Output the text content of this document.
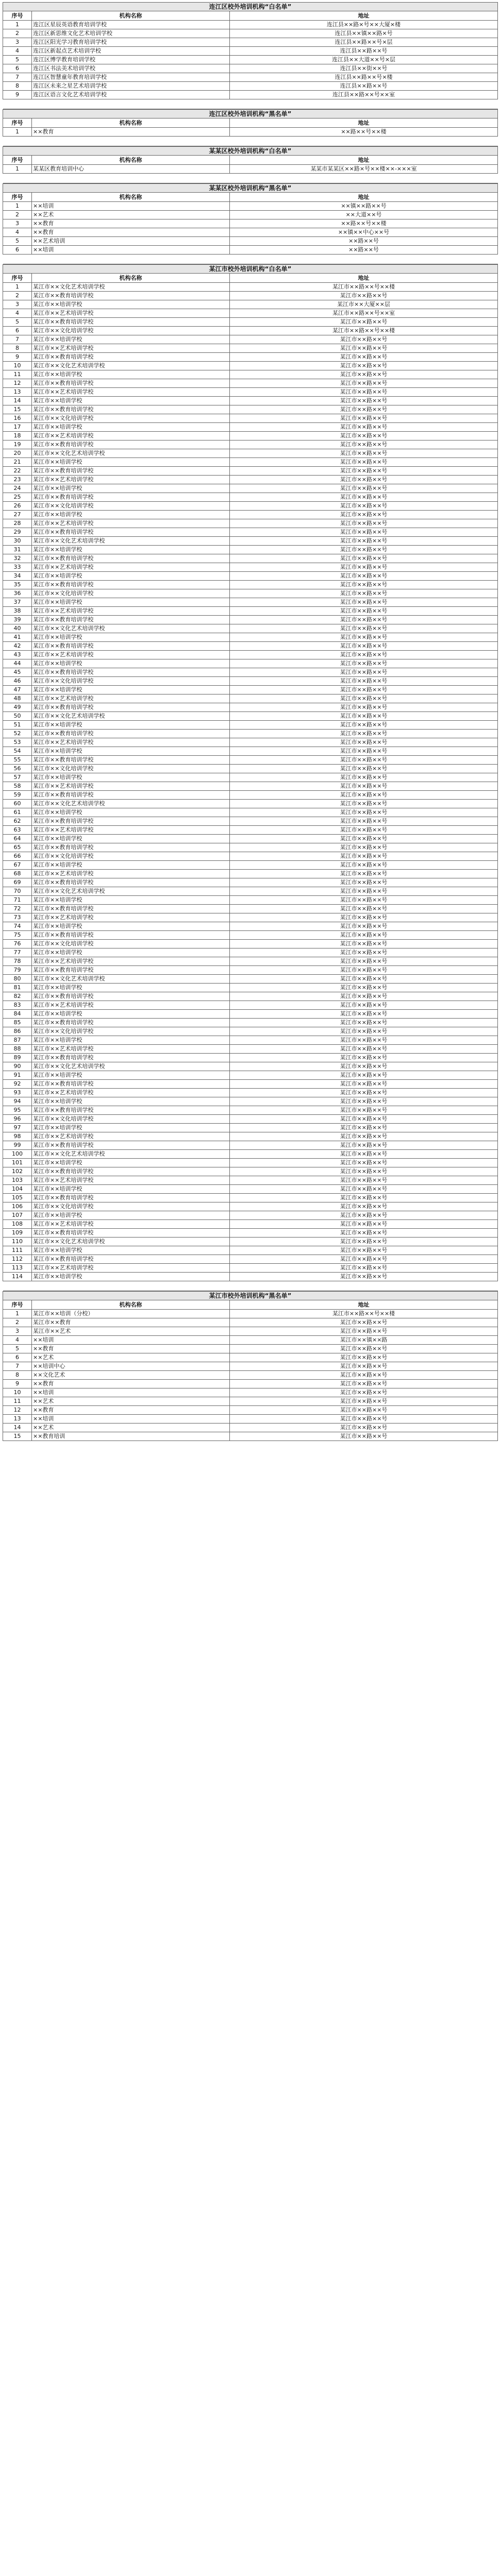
连江区校外培训机构“白名单”		
序号	机构名称	地址
1	连江区星辰英语教育培训学校	连江县××路×号××大厦×楼
2	连江区新思维文化艺术培训学校	连江县××镇××路×号
3	连江区阳光学习教育培训学校	连江县××路××号×层
4	连江区新起点艺术培训学校	连江县××路××号
5	连江区博学教育培训学校	连江县××大道××号×层
6	连江区书法美术培训学校	连江县××街××号
7	连江区智慧童年教育培训学校	连江县××路××号×楼
8	连江区未来之星艺术培训学校	连江县××路××号
9	连江区语言文化艺术培训学校	连江县××路××号××室

连江区校外培训机构“黑名单”		
序号	机构名称	地址
1	××教育	××路××号××楼

某某区校外培训机构“白名单”		
序号	机构名称	地址
1	某某区教育培训中心	某某市某某区××路×号××楼××-×××室

某某区校外培训机构“黑名单”		
序号	机构名称	地址
1	××培训	××镇××路××号
2	××艺术	××大道××号
3	××教育	××路××号××楼
4	××教育	××镇××中心××号
5	××艺术培训	××路××号
6	××培训	××路××号

某江市校外培训机构“白名单”		
序号	机构名称	地址
1	某江市××文化艺术培训学校	某江市××路××号××楼
2	某江市××教育培训学校	某江市××路××号
3	某江市××培训学校	某江市××大厦××层
4	某江市××艺术培训学校	某江市××路××号××室
5	某江市××教育培训学校	某江市××路××号
6	某江市××文化培训学校	某江市××路××号××楼
7	某江市××培训学校	某江市××路××号
8	某江市××艺术培训学校	某江市××路××号
9	某江市××教育培训学校	某江市××路××号
10	某江市××文化艺术培训学校	某江市××路××号
11	某江市××培训学校	某江市××路××号
12	某江市××教育培训学校	某江市××路××号
13	某江市××艺术培训学校	某江市××路××号
14	某江市××培训学校	某江市××路××号
15	某江市××教育培训学校	某江市××路××号
16	某江市××文化培训学校	某江市××路××号
17	某江市××培训学校	某江市××路××号
18	某江市××艺术培训学校	某江市××路××号
19	某江市××教育培训学校	某江市××路××号
20	某江市××文化艺术培训学校	某江市××路××号
21	某江市××培训学校	某江市××路××号
22	某江市××教育培训学校	某江市××路××号
23	某江市××艺术培训学校	某江市××路××号
24	某江市××培训学校	某江市××路××号
25	某江市××教育培训学校	某江市××路××号
26	某江市××文化培训学校	某江市××路××号
27	某江市××培训学校	某江市××路××号
28	某江市××艺术培训学校	某江市××路××号
29	某江市××教育培训学校	某江市××路××号
30	某江市××文化艺术培训学校	某江市××路××号
31	某江市××培训学校	某江市××路××号
32	某江市××教育培训学校	某江市××路××号
33	某江市××艺术培训学校	某江市××路××号
34	某江市××培训学校	某江市××路××号
35	某江市××教育培训学校	某江市××路××号
36	某江市××文化培训学校	某江市××路××号
37	某江市××培训学校	某江市××路××号
38	某江市××艺术培训学校	某江市××路××号
39	某江市××教育培训学校	某江市××路××号
40	某江市××文化艺术培训学校	某江市××路××号
41	某江市××培训学校	某江市××路××号
42	某江市××教育培训学校	某江市××路××号
43	某江市××艺术培训学校	某江市××路××号
44	某江市××培训学校	某江市××路××号
45	某江市××教育培训学校	某江市××路××号
46	某江市××文化培训学校	某江市××路××号
47	某江市××培训学校	某江市××路××号
48	某江市××艺术培训学校	某江市××路××号
49	某江市××教育培训学校	某江市××路××号
50	某江市××文化艺术培训学校	某江市××路××号
51	某江市××培训学校	某江市××路××号
52	某江市××教育培训学校	某江市××路××号
53	某江市××艺术培训学校	某江市××路××号
54	某江市××培训学校	某江市××路××号
55	某江市××教育培训学校	某江市××路××号
56	某江市××文化培训学校	某江市××路××号
57	某江市××培训学校	某江市××路××号
58	某江市××艺术培训学校	某江市××路××号
59	某江市××教育培训学校	某江市××路××号
60	某江市××文化艺术培训学校	某江市××路××号
61	某江市××培训学校	某江市××路××号
62	某江市××教育培训学校	某江市××路××号
63	某江市××艺术培训学校	某江市××路××号
64	某江市××培训学校	某江市××路××号
65	某江市××教育培训学校	某江市××路××号
66	某江市××文化培训学校	某江市××路××号
67	某江市××培训学校	某江市××路××号
68	某江市××艺术培训学校	某江市××路××号
69	某江市××教育培训学校	某江市××路××号
70	某江市××文化艺术培训学校	某江市××路××号
71	某江市××培训学校	某江市××路××号
72	某江市××教育培训学校	某江市××路××号
73	某江市××艺术培训学校	某江市××路××号
74	某江市××培训学校	某江市××路××号
75	某江市××教育培训学校	某江市××路××号
76	某江市××文化培训学校	某江市××路××号
77	某江市××培训学校	某江市××路××号
78	某江市××艺术培训学校	某江市××路××号
79	某江市××教育培训学校	某江市××路××号
80	某江市××文化艺术培训学校	某江市××路××号
81	某江市××培训学校	某江市××路××号
82	某江市××教育培训学校	某江市××路××号
83	某江市××艺术培训学校	某江市××路××号
84	某江市××培训学校	某江市××路××号
85	某江市××教育培训学校	某江市××路××号
86	某江市××文化培训学校	某江市××路××号
87	某江市××培训学校	某江市××路××号
88	某江市××艺术培训学校	某江市××路××号
89	某江市××教育培训学校	某江市××路××号
90	某江市××文化艺术培训学校	某江市××路××号
91	某江市××培训学校	某江市××路××号
92	某江市××教育培训学校	某江市××路××号
93	某江市××艺术培训学校	某江市××路××号
94	某江市××培训学校	某江市××路××号
95	某江市××教育培训学校	某江市××路××号
96	某江市××文化培训学校	某江市××路××号
97	某江市××培训学校	某江市××路××号
98	某江市××艺术培训学校	某江市××路××号
99	某江市××教育培训学校	某江市××路××号
100	某江市××文化艺术培训学校	某江市××路××号
101	某江市××培训学校	某江市××路××号
102	某江市××教育培训学校	某江市××路××号
103	某江市××艺术培训学校	某江市××路××号
104	某江市××培训学校	某江市××路××号
105	某江市××教育培训学校	某江市××路××号
106	某江市××文化培训学校	某江市××路××号
107	某江市××培训学校	某江市××路××号
108	某江市××艺术培训学校	某江市××路××号
109	某江市××教育培训学校	某江市××路××号
110	某江市××文化艺术培训学校	某江市××路××号
111	某江市××培训学校	某江市××路××号
112	某江市××教育培训学校	某江市××路××号
113	某江市××艺术培训学校	某江市××路××号
114	某江市××培训学校	某江市××路××号

某江市校外培训机构“黑名单”		
序号	机构名称	地址
1	某江市××培训（分校）	某江市××路××号××楼
2	某江市××教育	某江市××路××号
3	某江市××艺术	某江市××路××号
4	××培训	某江市××镇××路
5	××教育	某江市××路××号
6	××艺术	某江市××路××号
7	××培训中心	某江市××路××号
8	××文化艺术	某江市××路××号
9	××教育	某江市××路××号
10	××培训	某江市××路××号
11	××艺术	某江市××路××号
12	××教育	某江市××路××号
13	××培训	某江市××路××号
14	××艺术	某江市××路××号
15	××教育培训	某江市××路××号
